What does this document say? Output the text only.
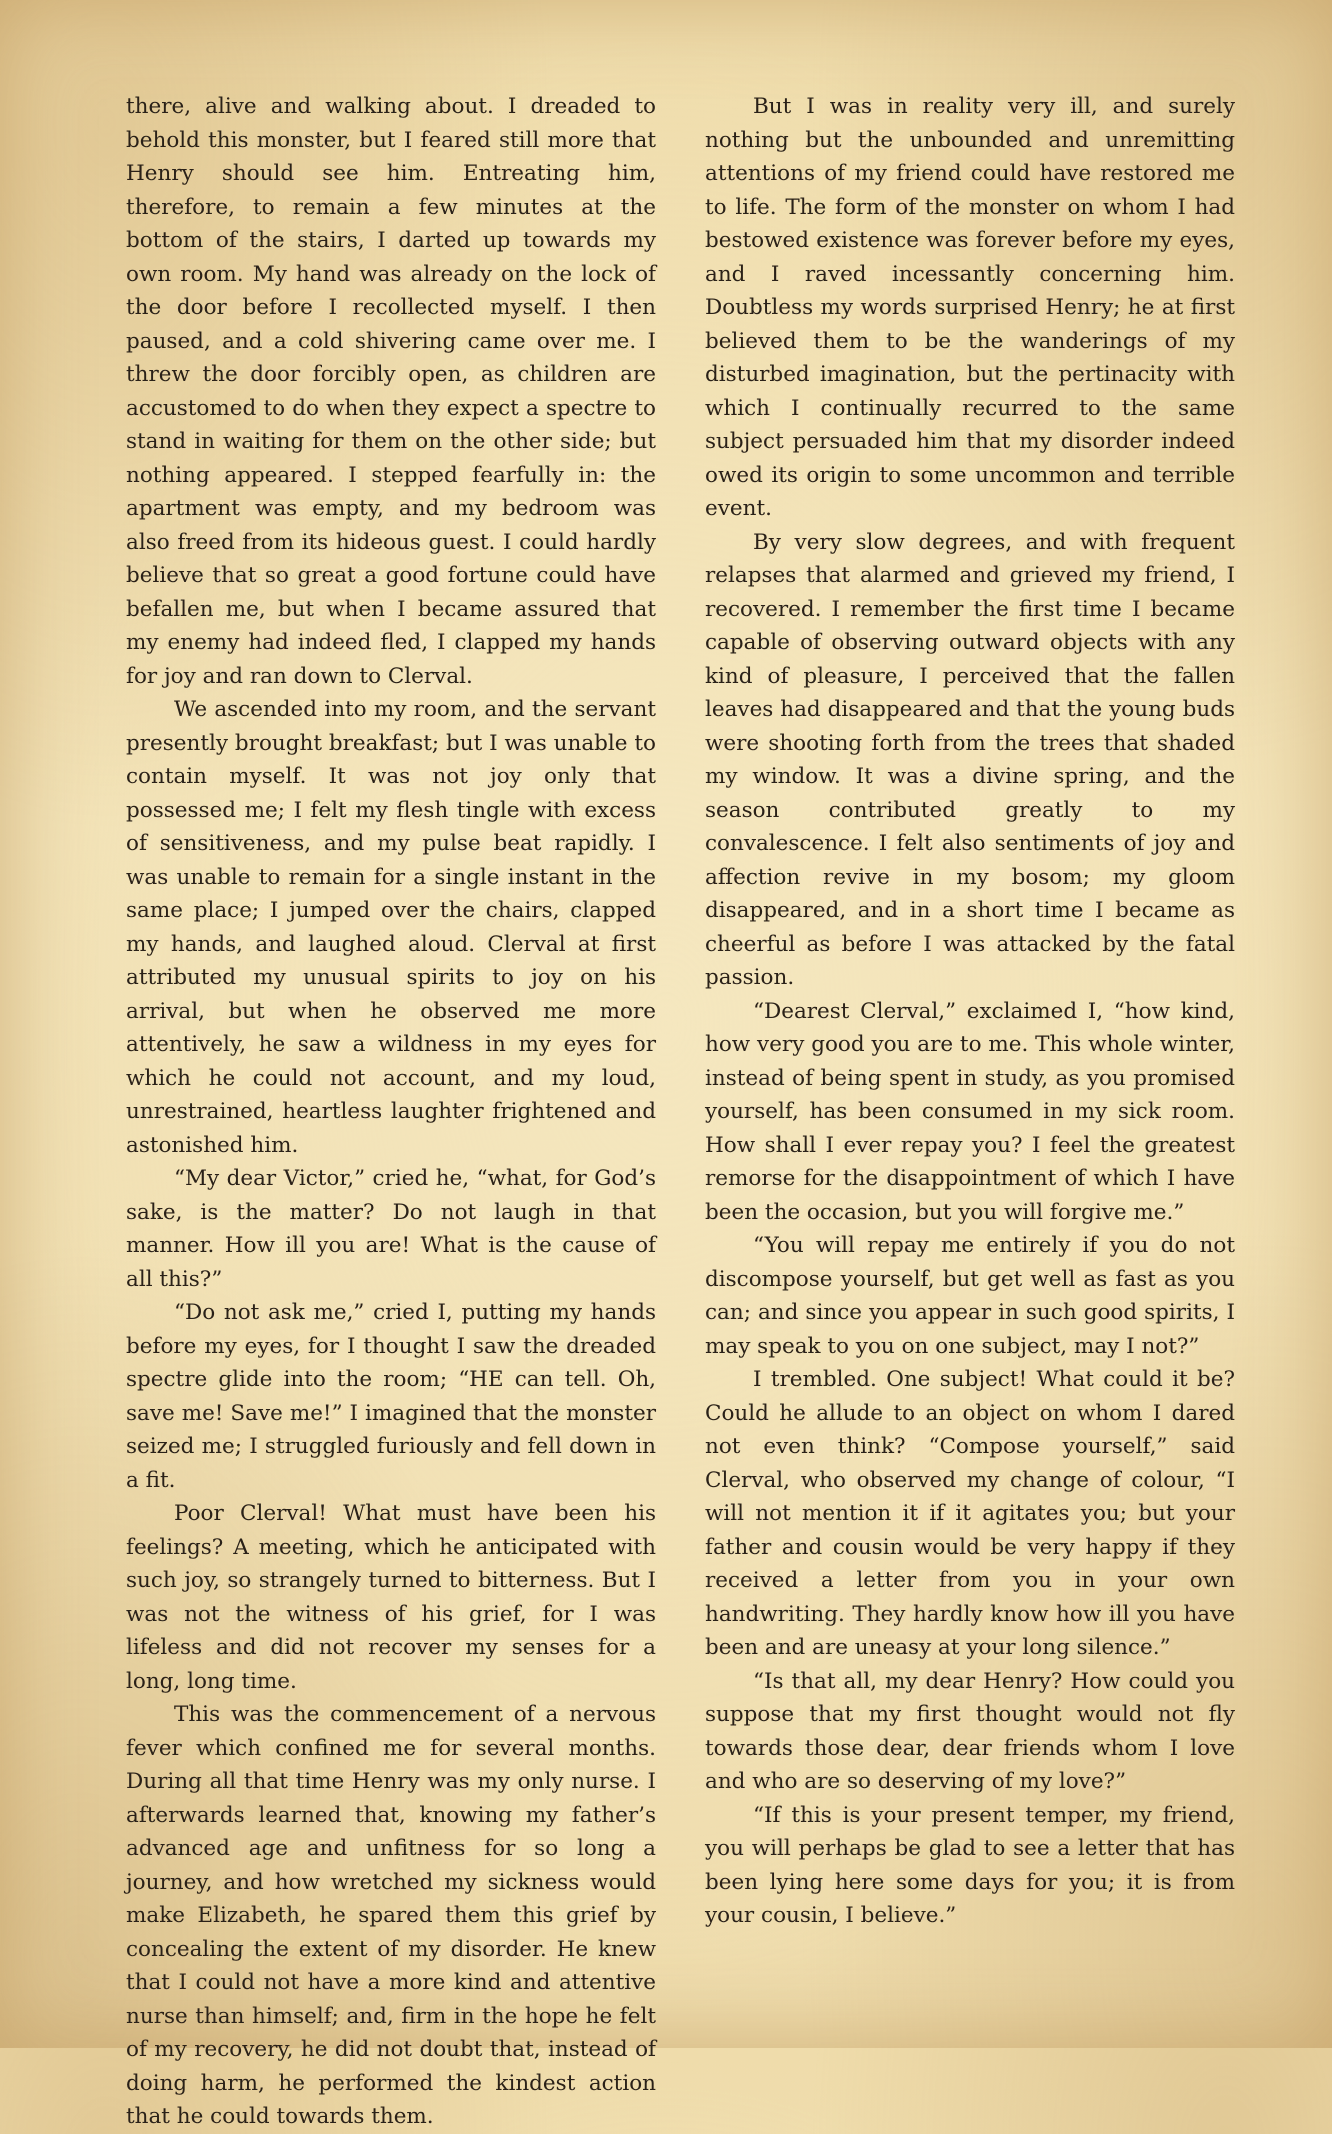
there, alive and walking about. I dreaded to behold this monster, but I feared still more that Henry should see him. Entreating him, therefore, to remain a few minutes at the bottom of the stairs, I darted up towards my own room. My hand was already on the lock of the door before I recollected myself. I then paused, and a cold shivering came over me. I threw the door forcibly open, as children are accustomed to do when they expect a spectre to stand in waiting for them on the other side; but nothing appeared. I stepped fearfully in: the apartment was empty, and my bedroom was also freed from its hideous guest. I could hardly believe that so great a good fortune could have befallen me, but when I became assured that my enemy had indeed fled, I clapped my hands for joy and ran down to Clerval.

We ascended into my room, and the servant presently brought breakfast; but I was unable to contain myself. It was not joy only that possessed me; I felt my flesh tingle with excess of sensitiveness, and my pulse beat rapidly. I was unable to remain for a single instant in the same place; I jumped over the chairs, clapped my hands, and laughed aloud. Clerval at first attributed my unusual spirits to joy on his arrival, but when he observed me more attentively, he saw a wildness in my eyes for which he could not account, and my loud, unrestrained, heartless laughter frightened and astonished him.

“My dear Victor,” cried he, “what, for God’s sake, is the matter? Do not laugh in that manner. How ill you are! What is the cause of all this?”

“Do not ask me,” cried I, putting my hands before my eyes, for I thought I saw the dreaded spectre glide into the room; “HE can tell. Oh, save me! Save me!” I imagined that the monster seized me; I struggled furiously and fell down in a fit.

Poor Clerval! What must have been his feelings? A meeting, which he anticipated with such joy, so strangely turned to bitterness. But I was not the witness of his grief, for I was lifeless and did not recover my senses for a long, long time.

This was the commencement of a nervous fever which confined me for several months. During all that time Henry was my only nurse. I afterwards learned that, knowing my father’s advanced age and unfitness for so long a journey, and how wretched my sickness would make Elizabeth, he spared them this grief by concealing the extent of my disorder. He knew that I could not have a more kind and attentive nurse than himself; and, firm in the hope he felt of my recovery, he did not doubt that, instead of doing harm, he performed the kindest action that he could towards them.

But I was in reality very ill, and surely nothing but the unbounded and unremitting attentions of my friend could have restored me to life. The form of the monster on whom I had bestowed existence was forever before my eyes, and I raved incessantly concerning him. Doubtless my words surprised Henry; he at first believed them to be the wanderings of my disturbed imagination, but the pertinacity with which I continually recurred to the same subject persuaded him that my disorder indeed owed its origin to some uncommon and terrible event.

By very slow degrees, and with frequent relapses that alarmed and grieved my friend, I recovered. I remember the first time I became capable of observing outward objects with any kind of pleasure, I perceived that the fallen leaves had disappeared and that the young buds were shooting forth from the trees that shaded my window. It was a divine spring, and the season contributed greatly to my convalescence. I felt also sentiments of joy and affection revive in my bosom; my gloom disappeared, and in a short time I became as cheerful as before I was attacked by the fatal passion.

“Dearest Clerval,” exclaimed I, “how kind, how very good you are to me. This whole winter, instead of being spent in study, as you promised yourself, has been consumed in my sick room. How shall I ever repay you? I feel the greatest remorse for the disappointment of which I have been the occasion, but you will forgive me.”

“You will repay me entirely if you do not discompose yourself, but get well as fast as you can; and since you appear in such good spirits, I may speak to you on one subject, may I not?”

I trembled. One subject! What could it be? Could he allude to an object on whom I dared not even think? “Compose yourself,” said Clerval, who observed my change of colour, “I will not mention it if it agitates you; but your father and cousin would be very happy if they received a letter from you in your own handwriting. They hardly know how ill you have been and are uneasy at your long silence.”

“Is that all, my dear Henry? How could you suppose that my first thought would not fly towards those dear, dear friends whom I love and who are so deserving of my love?”

“If this is your present temper, my friend, you will perhaps be glad to see a letter that has been lying here some days for you; it is from your cousin, I believe.”
